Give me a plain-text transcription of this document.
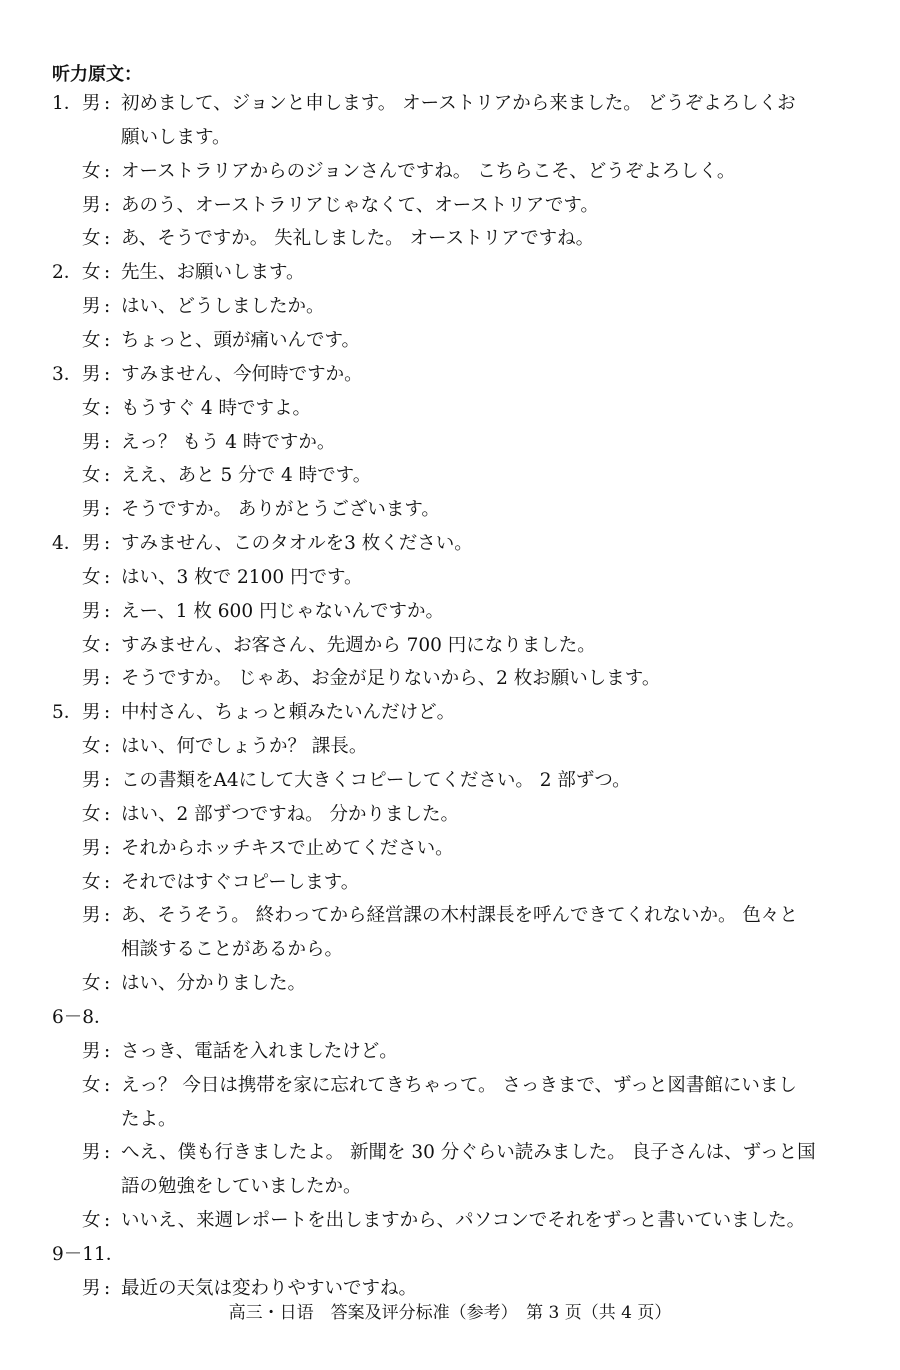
听力原文：
1． 男 : 初めまして、ジョンと申します。 オーストリアから来ました。 どうぞよろしくお
願いします。
女 : オーストラリアからのジョンさんですね。 こちらこそ、どうぞよろしく。
男 : あのう、オーストラリアじゃなくて、オーストリアです。
女 : あ、そうですか。 失礼しました。 オーストリアですね。
2． 女 : 先生、お願いします。
男 : はい、どうしましたか。
女 : ちょっと、頭が痛いんです。
3． 男 : すみません、今何時ですか。
女 : もうすぐ 4 時ですよ。
男 : えっ？ もう 4 時ですか。
女 : ええ、あと 5 分で 4 時です。
男 : そうですか。 ありがとうございます。
4． 男 : すみません、このタオルを3 枚ください。
女 : はい、3 枚で 2100 円です。
男 : えー、1 枚 600 円じゃないんですか。
女 : すみません、お客さん、先週から 700 円になりました。
男 : そうですか。 じゃあ、お金が足りないから、2 枚お願いします。
5． 男 : 中村さん、ちょっと頼みたいんだけど。
女 : はい、何でしょうか？ 課長。
男 : この書類をA4にして大きくコピーしてください。 2 部ずつ。
女 : はい、2 部ずつですね。 分かりました。
男 : それからホッチキスで止めてください。
女 : それではすぐコピーします。
男 : あ、そうそう。 終わってから経営課の木村課長を呼んできてくれないか。 色々と
相談することがあるから。
女 : はい、分かりました。
6－8．
男 : さっき、電話を入れましたけど。
女 : えっ？ 今日は携帯を家に忘れてきちゃって。 さっきまで、ずっと図書館にいまし
たよ。
男 : へえ、僕も行きましたよ。 新聞を 30 分ぐらい読みました。 良子さんは、ずっと国
語の勉強をしていましたか。
女 : いいえ、来週レポートを出しますから、パソコンでそれをずっと書いていました。
9－11．
男 : 最近の天気は変わりやすいですね。
高三・日语　答案及评分标准（参考）　第 3 页（共 4 页）
